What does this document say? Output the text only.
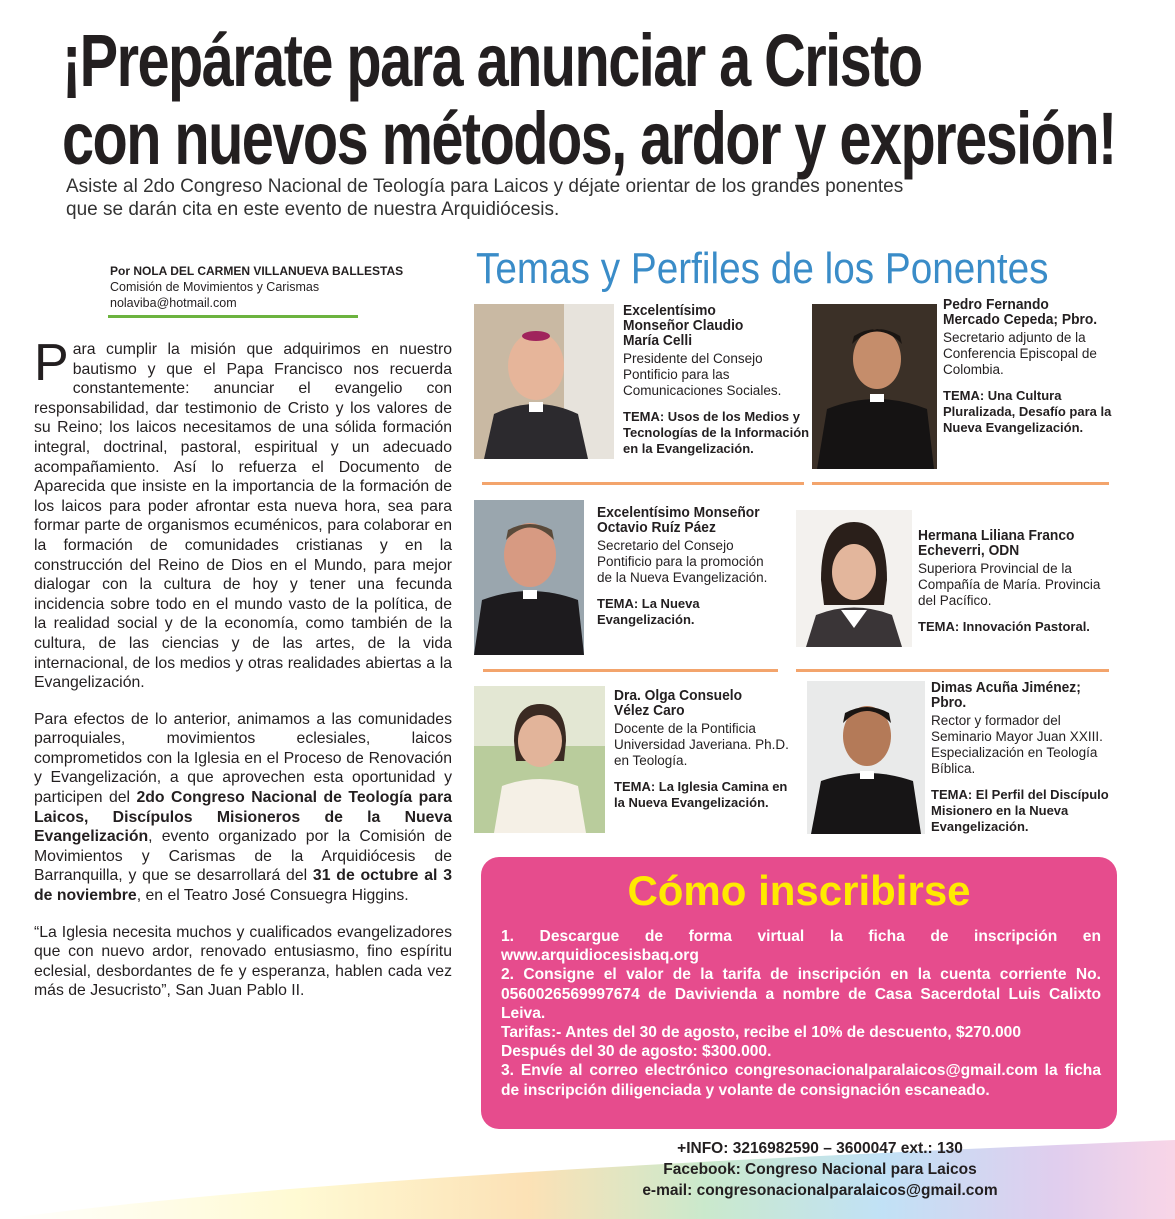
¡Prepárate para anunciar a Cristo
con nuevos métodos, ardor y expresión!
Asiste al 2do Congreso Nacional de Teología para Laicos y déjate orientar de los grandes ponentes
que se darán cita en este evento de nuestra Arquidiócesis.
Por NOLA DEL CARMEN VILLANUEVA BALLESTAS
Comisión de Movimientos y Carismas
nolaviba@hotmail.com

Para cumplir la misión que adquirimos en nuestro bautismo y que el Papa Francisco nos recuerda constantemente: anunciar el evangelio con responsabilidad, dar testimonio de Cristo y los valores de su Reino; los laicos necesitamos de una sólida formación integral, doctrinal, pastoral, espiritual y un adecuado acompañamiento. Así lo refuerza el Documento de Aparecida que insiste en la importancia de la formación de los laicos para poder afrontar esta nueva hora, sea para formar parte de organismos ecuménicos, para colaborar en la formación de comunidades cristianas y en la construcción del Reino de Dios en el Mundo, para mejor dialogar con la cultura de hoy y tener una fecunda incidencia sobre todo en el mundo vasto de la política, de la realidad social y de la economía, como también de la cultura, de las ciencias y de las artes, de la vida internacional, de los medios y otras realidades abiertas a la Evangelización.

Para efectos de lo anterior, animamos a las comunidades parroquiales, movimientos eclesiales, laicos comprometidos con la Iglesia en el Proceso de Renovación y Evangelización, a que aprovechen esta oportunidad y participen del 2do Congreso Nacional de Teología para Laicos, Discípulos Misioneros de la Nueva Evangelización, evento organizado por la Comisión de Movimientos y Carismas de la Arquidiócesis de Barranquilla, y que se desarrollará del 31 de octubre al 3 de noviembre, en el Teatro José Consuegra Higgins.

“La Iglesia necesita muchos y cualificados evangelizadores que con nuevo ardor, renovado entusiasmo, fino espíritu eclesial, desbordantes de fe y esperanza, hablen cada vez más de Jesucristo”, San Juan Pablo II.

Temas y Perfiles de los Ponentes
Excelentísimo
Monseñor Claudio
María Celli
Presidente del Consejo Pontificio para las Comunicaciones Sociales.
TEMA: Usos de los Medios y Tecnologías de la Información en la Evangelización.
Pedro Fernando
Mercado Cepeda; Pbro.
Secretario adjunto de la Conferencia Episcopal de Colombia.
TEMA: Una Cultura Pluralizada, Desafío para la Nueva Evangelización.
Excelentísimo Monseñor
Octavio Ruíz Páez
Secretario del Consejo Pontificio para la promoción de la Nueva Evangelización.
TEMA: La Nueva Evangelización.
Hermana Liliana Franco
Echeverri, ODN
Superiora Provincial de la Compañía de María. Provincia del Pacífico.
TEMA: Innovación Pastoral.
Dra. Olga Consuelo
Vélez Caro
Docente de la Pontificia Universidad Javeriana. Ph.D. en Teología.
TEMA: La Iglesia Camina en la Nueva Evangelización.
Dimas Acuña Jiménez;
Pbro.
Rector y formador del Seminario Mayor Juan XXIII. Especialización en Teología Bíblica.
TEMA: El Perfil del Discípulo Misionero en la Nueva Evangelización.
Cómo inscribirse
1. Descargue de forma virtual la ficha de inscripción en www.arquidiocesisbaq.org
2. Consigne el valor de la tarifa de inscripción en la cuenta corriente No. 0560026569997674 de Davivienda a nombre de Casa Sacerdotal Luis Calixto Leiva.
Tarifas:- Antes del 30 de agosto, recibe el 10% de descuento, $270.000
Después del 30 de agosto: $300.000.
3. Envíe al correo electrónico congresonacionalparalaicos@gmail.com la ficha de inscripción diligenciada y volante de consignación escaneado.
+INFO: 3216982590 – 3600047 ext.: 130
Facebook: Congreso Nacional para Laicos
e-mail: congresonacionalparalaicos@gmail.com
